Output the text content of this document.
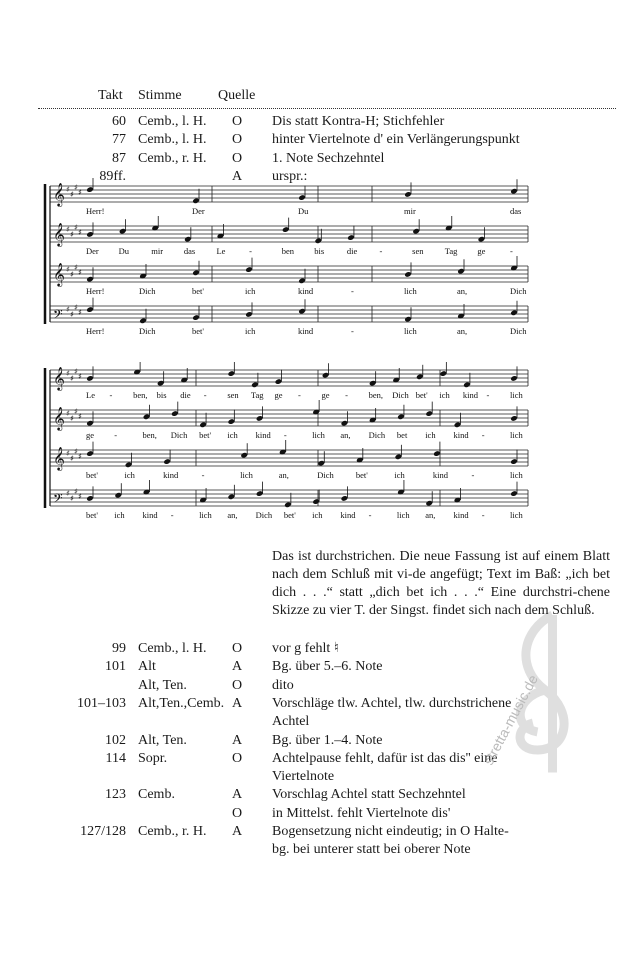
Takt Stimme	Quelle
60 Cemb., l. H. O Dis statt Kontra-H; Stichfehler
77 Cemb., l. H. O hinter Viertelnote d' ein Verlängerungspunkt
87 Cemb., r. H. O 1. Note Sechzehntel
89ff.	A urspr.:
𝄞 ♯
♯
♯
♯
Herr!	Der	Du	mir	das
𝄞 ♯
♯
♯
♯
Der Du	mir das	Le	-	ben bis	die	-	sen	Tag ge	-
𝄞 ♯
♯
♯
♯
Herr!	Dich	bet'	ich	kind	-	lich	an,	Dich
𝄢 ♯
♯
♯
♯
Herr!	Dich	bet'	ich	kind	-	lich	an,	Dich
𝄞 ♯
♯
♯
♯
Le - ben, bis die - sen Tag ge - ge - ben, Dich bet' ich kind - lich
𝄞 ♯
♯
♯
♯
ge -	ben, Dich bet' ich kind -	lich an, Dich bet ich kind -	lich
𝄞 ♯
♯
♯
♯
bet'	ich	kind	-	lich	an,	Dich	bet'	ich	kind	-	lich
𝄢 ♯
♯
♯
♯
bet' ich kind -	lich an, Dich bet' ich kind -	lich an, kind -	lich
Das ist durchstrichen. Die neue Fassung ist auf einem Blatt nach dem Schluß mit vi-de angefügt; Text im Baß: „ich bet dich . . .“ statt „dich bet ich . . .“ Eine durchstri-chene Skizze zu vier T. der Singst. findet sich nach dem Schluß.
99 Cemb., l. H. O vor g fehlt ♮
101 Alt	A Bg. über 5.–6. Note
Alt, Ten.	O dito
101–103 Alt,Ten.,Cemb. A Vorschläge tlw. Achtel, tlw. durchstrichene
Achtel
102 Alt, Ten.	A Bg. über 1.–4. Note
114 Sopr.	O Achtelpause fehlt, dafür ist das dis'' eine
Viertelnote
123 Cemb.	A Vorschlag Achtel statt Sechzehntel
O in Mittelst. fehlt Viertelnote dis'
127/128 Cemb., r. H. A Bogensetzung nicht eindeutig; in O Halte-
bg. bei unterer statt bei oberer Note
stretta-music.de
